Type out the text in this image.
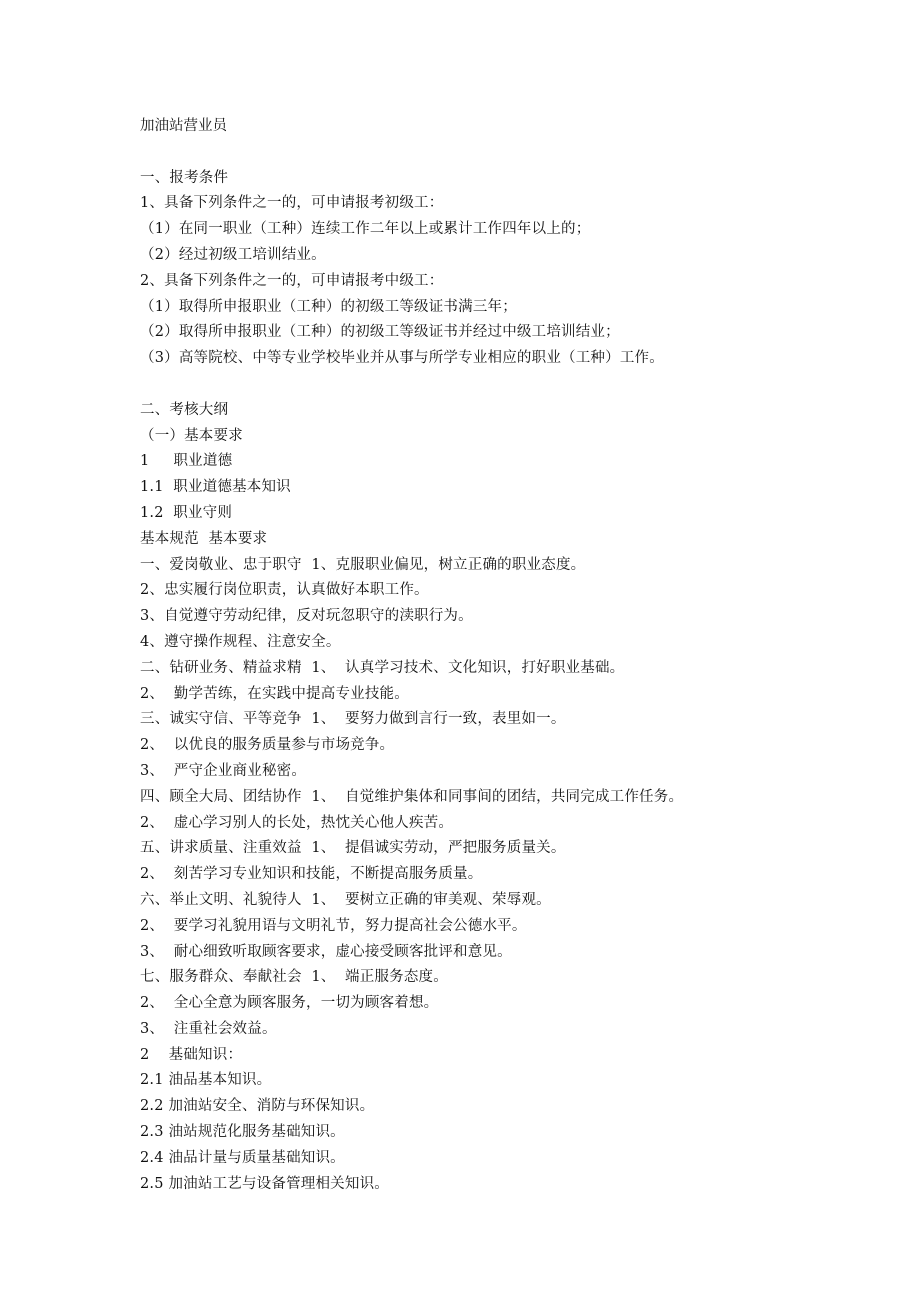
加油站营业员
一、报考条件
1、具备下列条件之一的，可申请报考初级工：
（1）在同一职业（工种）连续工作二年以上或累计工作四年以上的；
（2）经过初级工培训结业。
2、具备下列条件之一的，可申请报考中级工：
（1）取得所申报职业（工种）的初级工等级证书满三年；
（2）取得所申报职业（工种）的初级工等级证书并经过中级工培训结业；
（3）高等院校、中等专业学校毕业并从事与所学专业相应的职业（工种）工作。
二、考核大纲
（一）基本要求
1     职业道德
1.1  职业道德基本知识
1.2  职业守则
基本规范  基本要求
一、爱岗敬业、忠于职守  1、克服职业偏见，树立正确的职业态度。
2、忠实履行岗位职责，认真做好本职工作。
3、自觉遵守劳动纪律，反对玩忽职守的渎职行为。
4、遵守操作规程、注意安全。
二、钻研业务、精益求精  1、  认真学习技术、文化知识，打好职业基础。
2、  勤学苦练，在实践中提高专业技能。
三、诚实守信、平等竞争  1、  要努力做到言行一致，表里如一。
2、  以优良的服务质量参与市场竞争。
3、  严守企业商业秘密。
四、顾全大局、团结协作  1、  自觉维护集体和同事间的团结，共同完成工作任务。
2、  虚心学习别人的长处，热忱关心他人疾苦。
五、讲求质量、注重效益  1、  提倡诚实劳动，严把服务质量关。
2、  刻苦学习专业知识和技能，不断提高服务质量。
六、举止文明、礼貌待人  1、  要树立正确的审美观、荣辱观。
2、  要学习礼貌用语与文明礼节，努力提高社会公德水平。
3、  耐心细致听取顾客要求，虚心接受顾客批评和意见。
七、服务群众、奉献社会  1、  端正服务态度。
2、  全心全意为顾客服务，一切为顾客着想。
3、  注重社会效益。
2    基础知识：
2.1 油品基本知识。
2.2 加油站安全、消防与环保知识。
2.3 油站规范化服务基础知识。
2.4 油品计量与质量基础知识。
2.5 加油站工艺与设备管理相关知识。
